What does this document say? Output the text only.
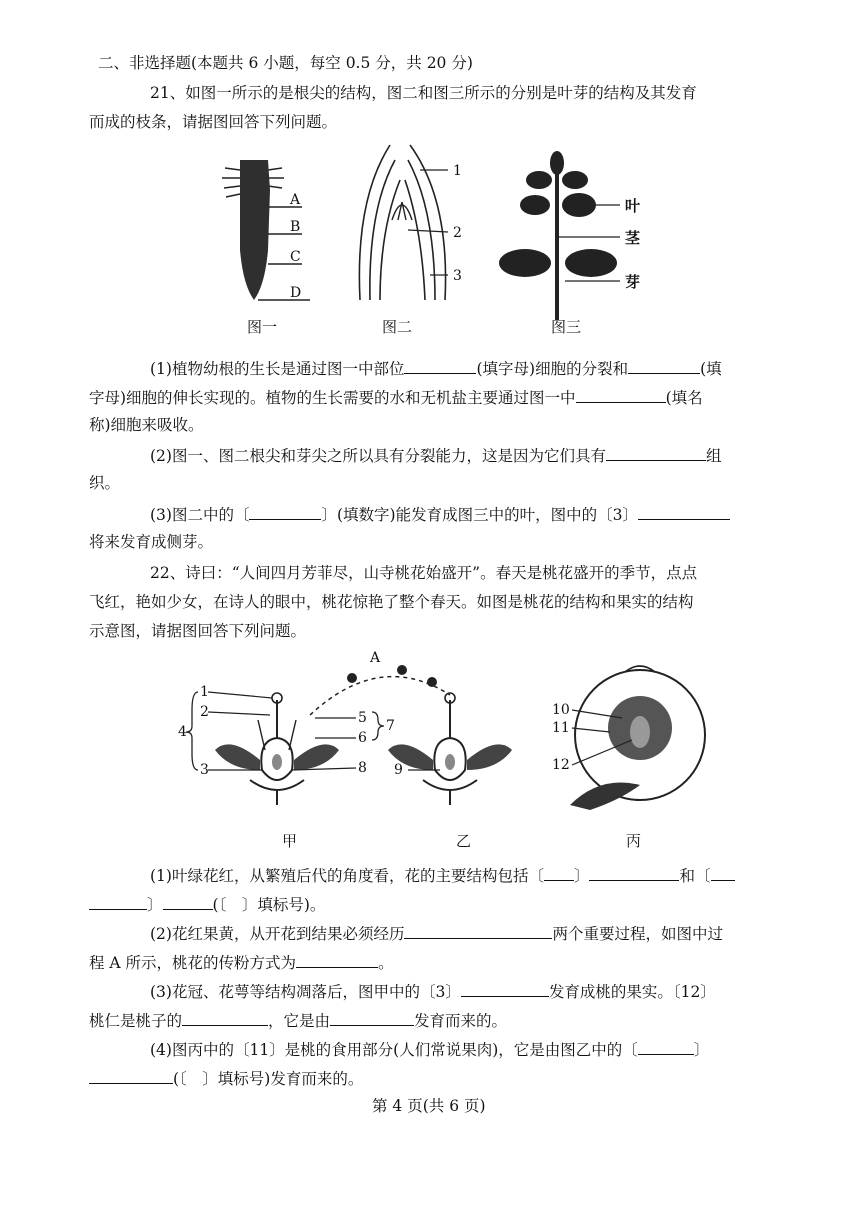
二、非选择题(本题共 6 小题，每空 0.5 分，共 20 分)
21、如图一所示的是根尖的结构，图二和图三所示的分别是叶芽的结构及其发育
而成的枝条，请据图回答下列问题。
A
B
C
D
图一
1
2
3
图二
叶
茎
芽
图三
(1)植物幼根的生长是通过图一中部位	(填字母)细胞的分裂和	(填
字母)细胞的伸长实现的。植物的生长需要的水和无机盐主要通过图一中	(填名
称)细胞来吸收。
(2)图一、图二根尖和芽尖之所以具有分裂能力，这是因为它们具有	组
织。
(3)图二中的〔	〕(填数字)能发育成图三中的叶，图中的〔3〕
将来发育成侧芽。
22、诗曰：“人间四月芳菲尽，山寺桃花始盛开”。春天是桃花盛开的季节，点点
飞红，艳如少女，在诗人的眼中，桃花惊艳了整个春天。如图是桃花的结构和果实的结构
示意图，请据图回答下列问题。
A
1
2
3
4
5
6
7
8 9
10
11
12
甲	乙	丙
(1)叶绿花红，从繁殖后代的角度看，花的主要结构包括〔 〕	和〔
〕	(〔　〕填标号)。
(2)花红果黄，从开花到结果必须经历	两个重要过程，如图中过
程 A 所示，桃花的传粉方式为	。
(3)花冠、花萼等结构凋落后，图甲中的〔3〕	发育成桃的果实。〔12〕
桃仁是桃子的	，它是由	发育而来的。
(4)图丙中的〔11〕是桃的食用部分(人们常说果肉)，它是由图乙中的〔	〕
(〔　〕填标号)发育而来的。
第 4 页(共 6 页)
